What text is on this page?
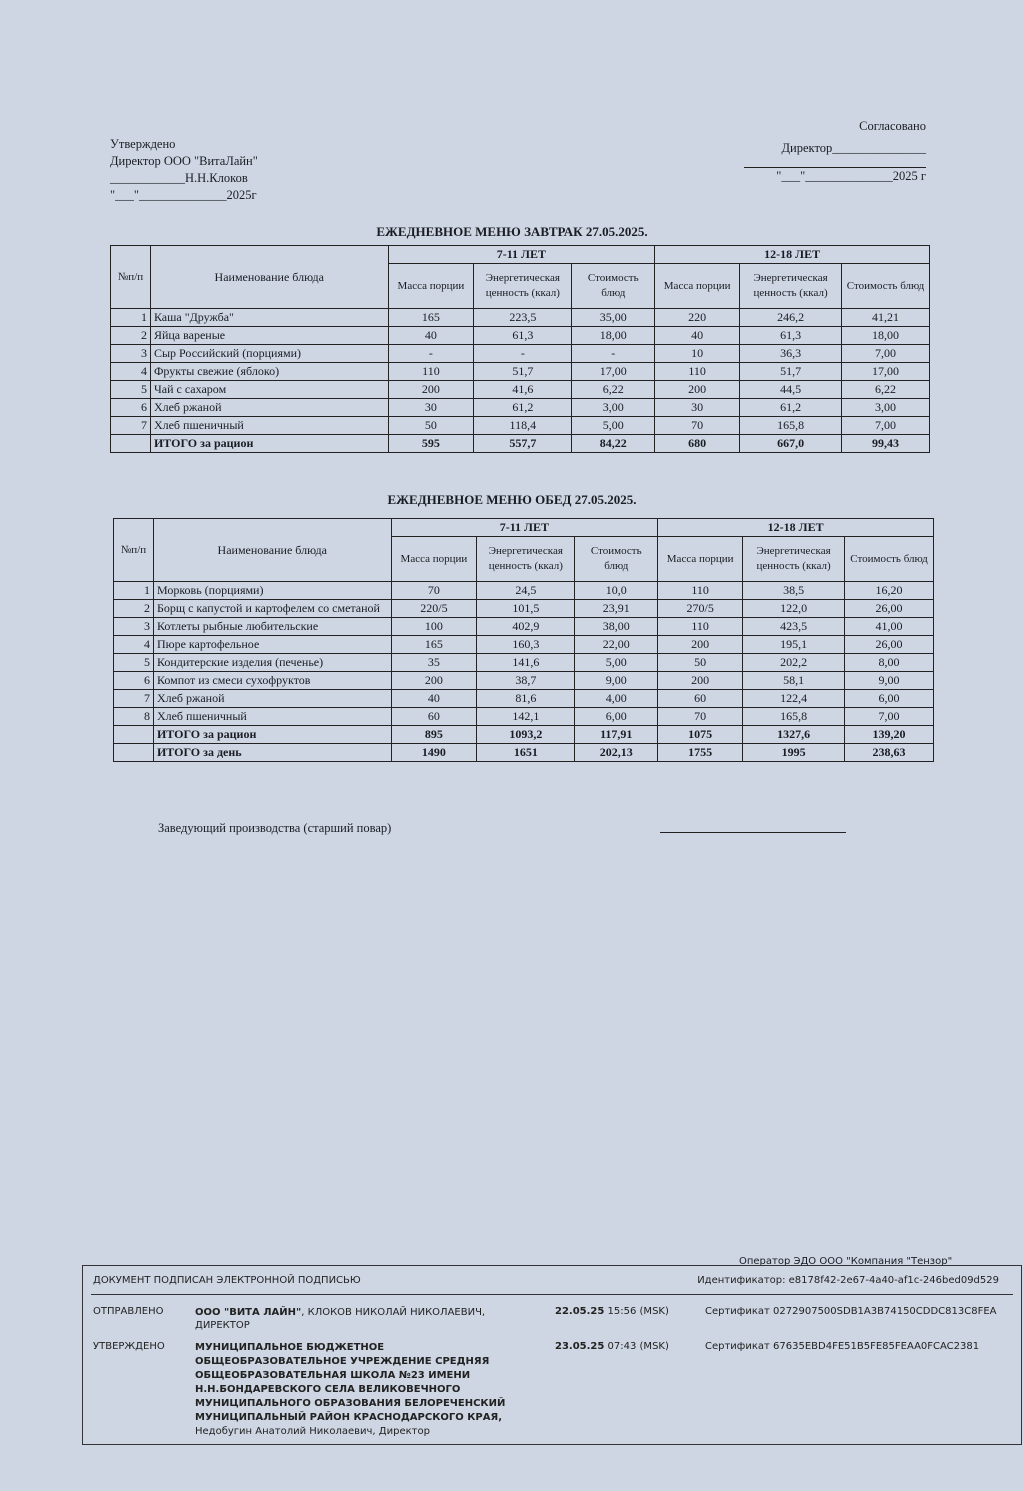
Утверждено
Директор ООО "ВитаЛайн"
____________Н.Н.Клоков
"___"______________2025г
Согласовано
Директор_______________
"___"______________2025 г
ЕЖЕДНЕВНОЕ МЕНЮ ЗАВТРАК 27.05.2025.
№п/п	Наименование блюда	7-11 ЛЕТ			12-18 ЛЕТ		
		Масса порции	Энергетическая ценность (ккал)	Стоимость блюд	Масса порции	Энергетическая ценность (ккал)	Стоимость блюд
1	Каша "Дружба"	165	223,5	35,00	220	246,2	41,21
2	Яйца вареные	40	61,3	18,00	40	61,3	18,00
3	Сыр Российский (порциями)	-	-	-	10	36,3	7,00
4	Фрукты свежие (яблоко)	110	51,7	17,00	110	51,7	17,00
5	Чай с сахаром	200	41,6	6,22	200	44,5	6,22
6	Хлеб ржаной	30	61,2	3,00	30	61,2	3,00
7	Хлеб пшеничный	50	118,4	5,00	70	165,8	7,00
	ИТОГО за рацион	595	557,7	84,22	680	667,0	99,43
ЕЖЕДНЕВНОЕ МЕНЮ ОБЕД 27.05.2025.
№п/п	Наименование блюда	7-11 ЛЕТ			12-18 ЛЕТ		
		Масса порции	Энергетическая ценность (ккал)	Стоимость блюд	Масса порции	Энергетическая ценность (ккал)	Стоимость блюд
1	Морковь (порциями)	70	24,5	10,0	110	38,5	16,20
2	Борщ с капустой и картофелем со сметаной	220/5	101,5	23,91	270/5	122,0	26,00
3	Котлеты рыбные любительские	100	402,9	38,00	110	423,5	41,00
4	Пюре картофельное	165	160,3	22,00	200	195,1	26,00
5	Кондитерские изделия (печенье)	35	141,6	5,00	50	202,2	8,00
6	Компот из смеси сухофруктов	200	38,7	9,00	200	58,1	9,00
7	Хлеб ржаной	40	81,6	4,00	60	122,4	6,00
8	Хлеб пшеничный	60	142,1	6,00	70	165,8	7,00
	ИТОГО за рацион	895	1093,2	117,91	1075	1327,6	139,20
	ИТОГО за день	1490	1651	202,13	1755	1995	238,63
Заведующий производства (старший повар)
Оператор ЭДО ООО "Компания "Тензор"
ДОКУМЕНТ ПОДПИСАН ЭЛЕКТРОННОЙ ПОДПИСЬЮ	Идентификатор: e8178f42-2e67-4a40-af1c-246bed09d529
ОТПРАВЛЕНО	ООО "ВИТА ЛАЙН", КЛОКОВ НИКОЛАЙ НИКОЛАЕВИЧ, ДИРЕКТОР
22.05.25 15:56 (MSK)	Сертификат 0272907500SDB1A3B74150CDDC813C8FEA
УТВЕРЖДЕНО	МУНИЦИПАЛЬНОЕ БЮДЖЕТНОЕ ОБЩЕОБРАЗОВАТЕЛЬНОЕ УЧРЕЖДЕНИЕ СРЕДНЯЯ ОБЩЕОБРАЗОВАТЕЛЬНАЯ ШКОЛА №23 ИМЕНИ Н.Н.БОНДАРЕВСКОГО СЕЛА ВЕЛИКОВЕЧНОГО МУНИЦИПАЛЬНОГО ОБРАЗОВАНИЯ БЕЛОРЕЧЕНСКИЙ МУНИЦИПАЛЬНЫЙ РАЙОН КРАСНОДАРСКОГО КРАЯ,
Недобугин Анатолий Николаевич, Директор
23.05.25 07:43 (MSK)	Сертификат 67635EBD4FE51B5FE85FEAA0FCAC2381
